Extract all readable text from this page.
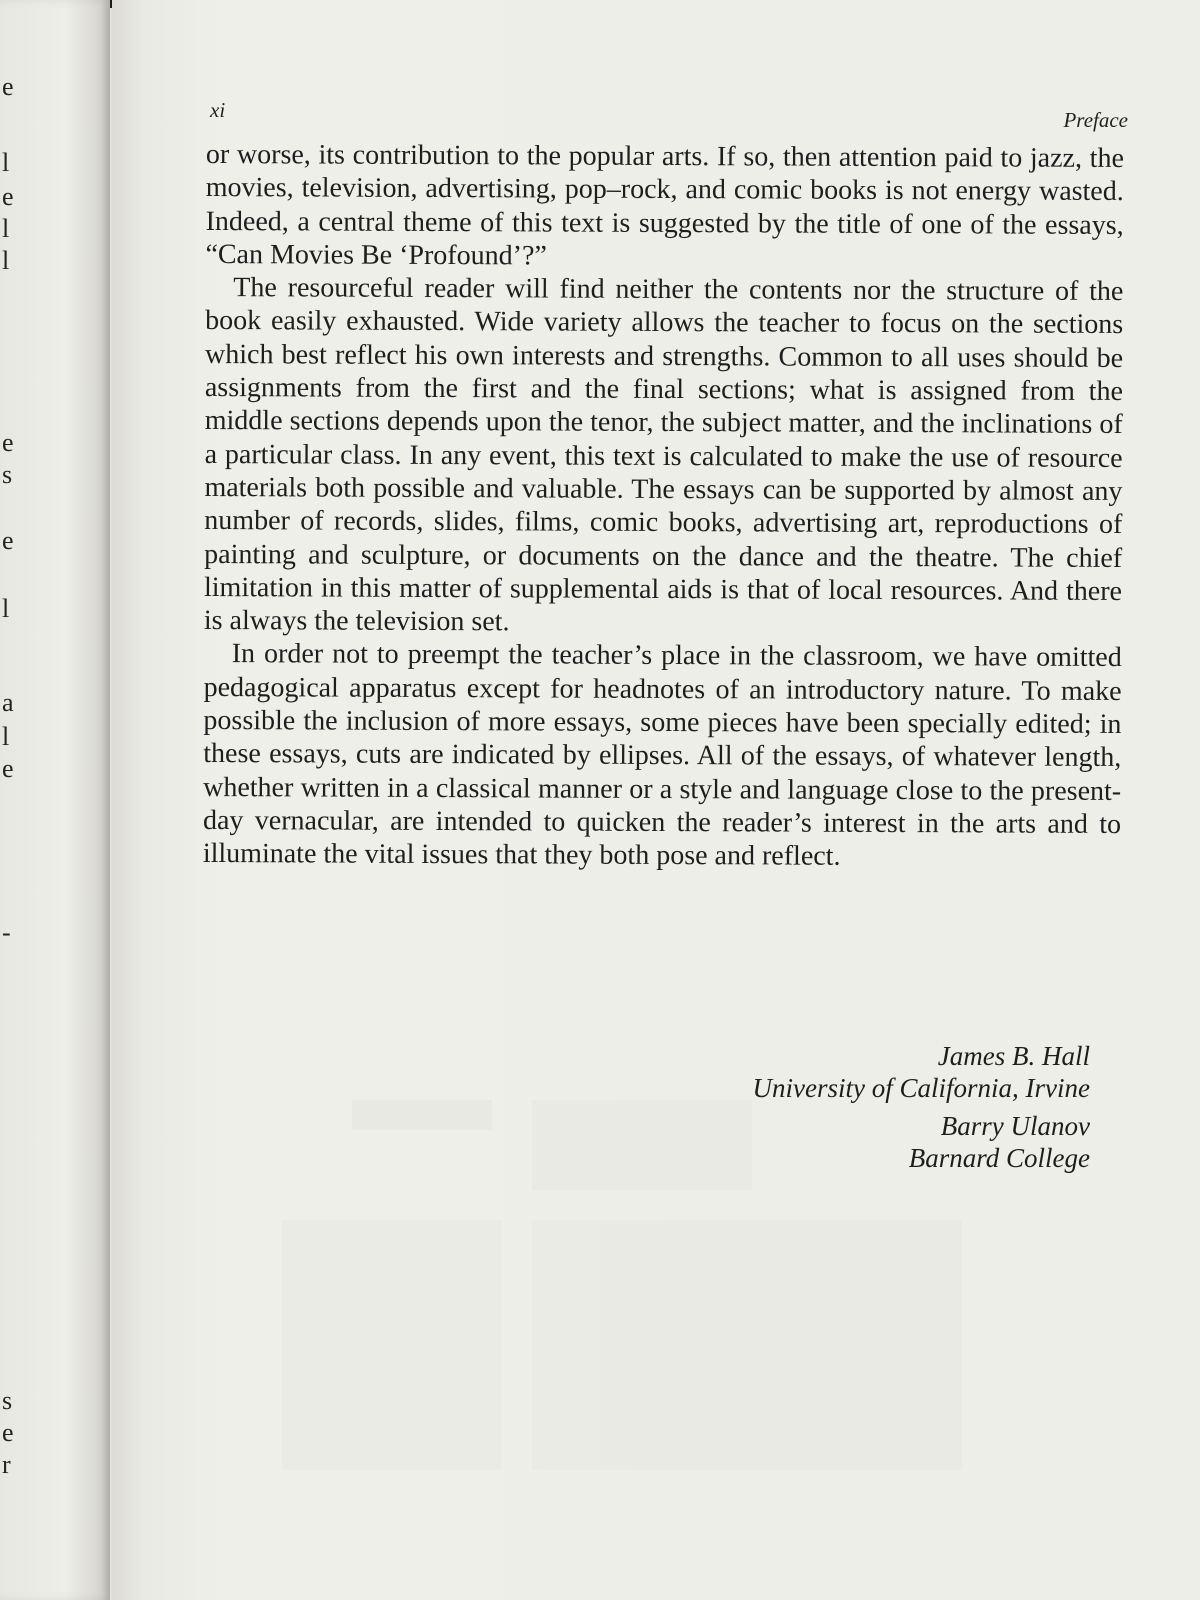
e
l
e
l
l
e
s
e
l
a
l
e
-
s
e
r
xi	Preface

or worse, its contribution to the popular arts. If so, then attention paid to jazz, the movies, television, advertising, pop–rock, and comic books is not energy wasted. Indeed, a central theme of this text is suggested by the title of one of the essays, “Can Movies Be ‘Profound’?”

The resourceful reader will find neither the contents nor the structure of the book easily exhausted. Wide variety allows the teacher to focus on the sections which best reflect his own interests and strengths. Common to all uses should be assignments from the first and the final sections; what is assigned from the middle sections depends upon the tenor, the subject matter, and the inclinations of a particular class. In any event, this text is calculated to make the use of resource materials both possible and valuable. The essays can be supported by almost any number of records, slides, films, comic books, advertising art, reproductions of painting and sculpture, or documents on the dance and the theatre. The chief limitation in this matter of supplemental aids is that of local resources. And there is always the television set.

In order not to preempt the teacher’s place in the classroom, we have omitted pedagogical apparatus except for headnotes of an introductory nature. To make possible the inclusion of more essays, some pieces have been specially edited; in these essays, cuts are indicated by ellipses. All of the essays, of whatever length, whether written in a classical manner or a style and language close to the present-day vernacular, are intended to quicken the reader’s interest in the arts and to illuminate the vital issues that they both pose and reflect.

James B. Hall
University of California, Irvine
Barry Ulanov
Barnard College
